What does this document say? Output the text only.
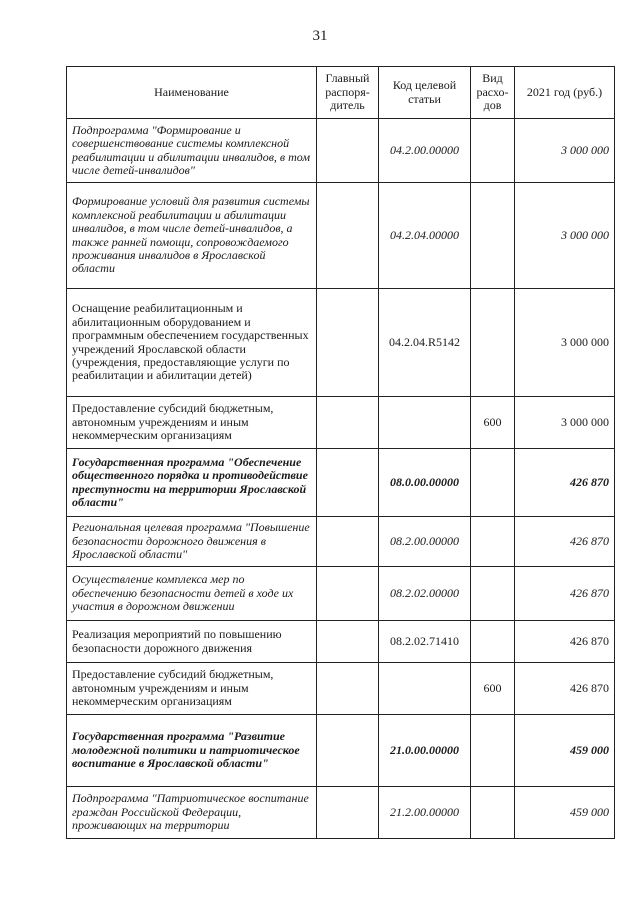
31
Наименование	Главный распоря-дитель	Код целевой статьи	Вид расхо-дов	2021 год (руб.)
Подпрограмма "Формирование и совершенствование системы комплексной реабилитации и абилитации инвалидов, в том числе детей-инвалидов"		04.2.00.00000		3 000 000
Формирование условий для развития системы комплексной реабилитации и абилитации инвалидов, в том числе детей-инвалидов, а также ранней помощи, сопровождаемого проживания инвалидов в Ярославской области		04.2.04.00000		3 000 000
Оснащение реабилитационным и абилитационным оборудованием и программным обеспечением государственных учреждений Ярославской области (учреждения, предоставляющие услуги по реабилитации и абилитации детей)		04.2.04.R5142		3 000 000
Предоставление субсидий бюджетным, автономным учреждениям и иным некоммерческим организациям			600	3 000 000
Государственная программа "Обеспечение общественного порядка и противодействие преступности на территории Ярославской области"		08.0.00.00000		426 870
Региональная целевая программа "Повышение безопасности дорожного движения в Ярославской области"		08.2.00.00000		426 870
Осуществление комплекса мер по обеспечению безопасности детей в ходе их участия в дорожном движении		08.2.02.00000		426 870
Реализация мероприятий по повышению безопасности дорожного движения		08.2.02.71410		426 870
Предоставление субсидий бюджетным, автономным учреждениям и иным некоммерческим организациям			600	426 870
Государственная программа "Развитие молодежной политики и патриотическое воспитание в Ярославской области"		21.0.00.00000		459 000
Подпрограмма "Патриотическое воспитание граждан Российской Федерации, проживающих на территории		21.2.00.00000		459 000
